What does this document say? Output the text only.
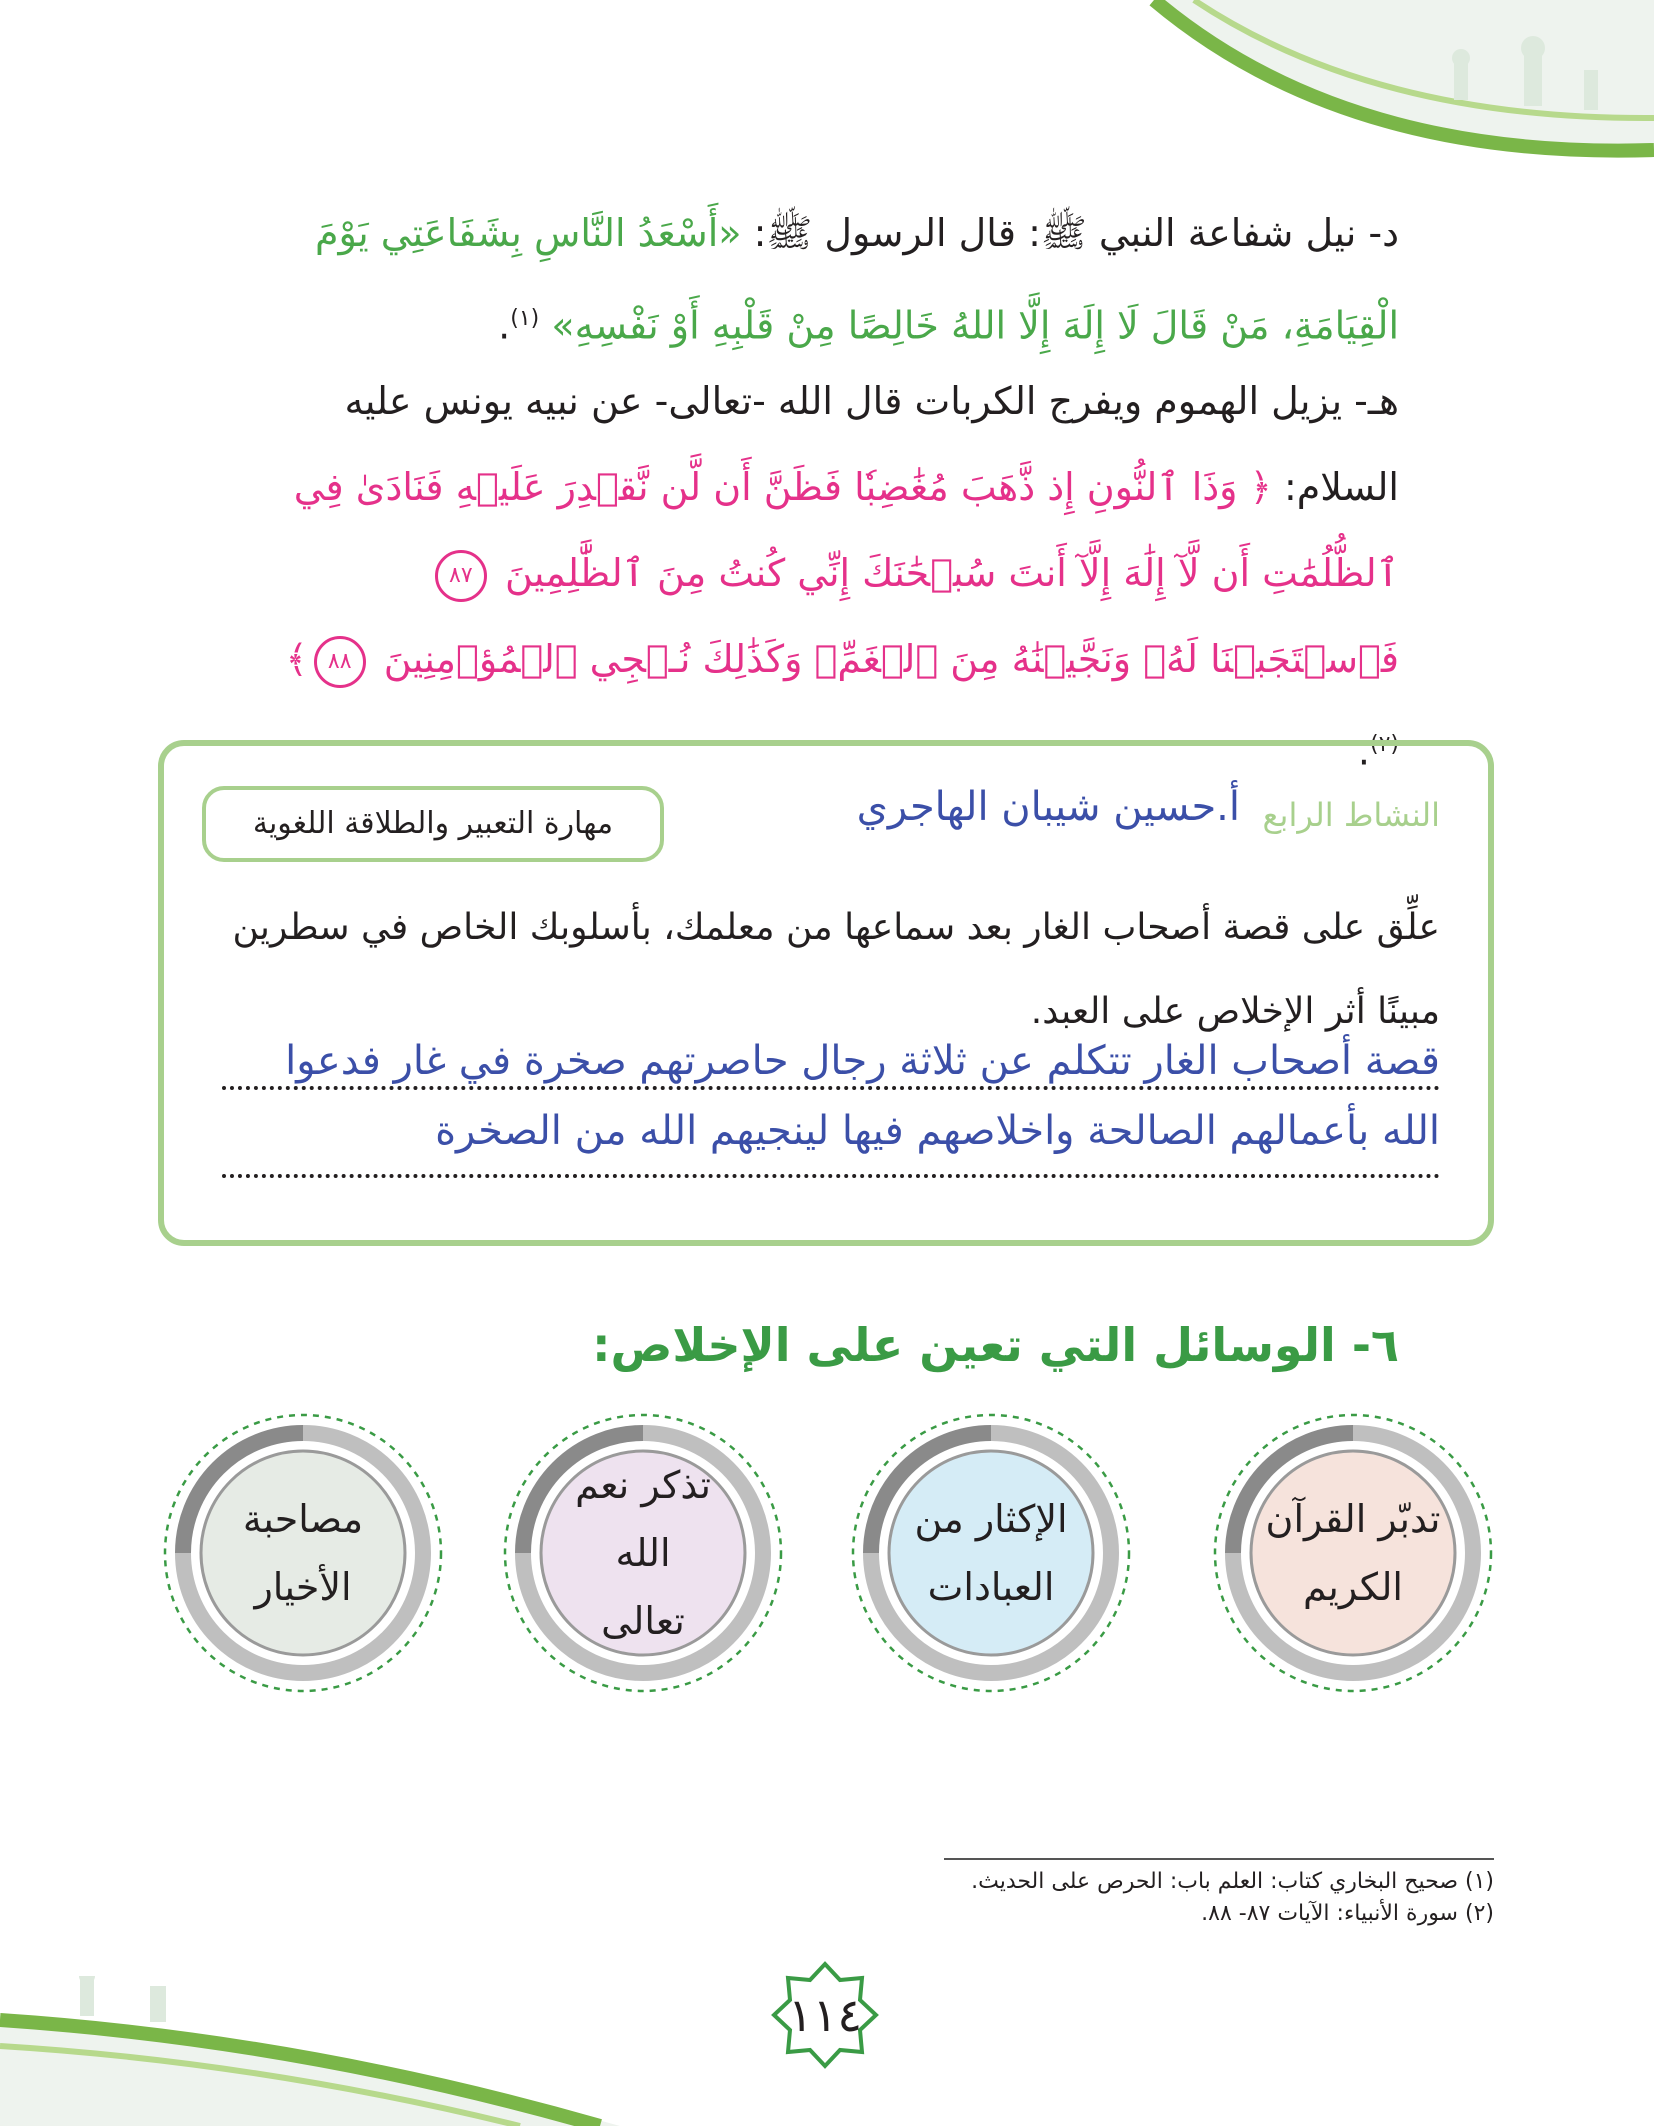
د- نيل شفاعة النبي ﷺ: قال الرسول ﷺ: «أَسْعَدُ النَّاسِ بِشَفَاعَتِي يَوْمَ الْقِيَامَةِ، مَنْ قَالَ لَا إِلَهَ إِلَّا اللهُ خَالِصًا مِنْ قَلْبِهِ أَوْ نَفْسِهِ» $^{(١)}$.
هـ- يزيل الهموم ويفرج الكربات قال الله -تعالى- عن نبيه يونس عليه السلام: ﴿ وَذَا ٱلنُّونِ إِذ ذَّهَبَ مُغَٰضِبٗا فَظَنَّ أَن لَّن نَّقۡدِرَ عَلَيۡهِ فَنَادَىٰ فِي ٱلظُّلُمَٰتِ أَن لَّآ إِلَٰهَ إِلَّآ أَنتَ سُبۡحَٰنَكَ إِنِّي كُنتُ مِنَ ٱلظَّٰلِمِينَ ٨٧ فَٱسۡتَجَبۡنَا لَهُۥ وَنَجَّيۡنَٰهُ مِنَ ٱلۡغَمِّۚ وَكَذَٰلِكَ نُـۨجِي ٱلۡمُؤۡمِنِينَ ٨٨﴾ $^{(٢)}$.
النشاط الرابع
أ.حسين شيبان الهاجري
مهارة التعبير والطلاقة اللغوية
علِّق على قصة أصحاب الغار بعد سماعها من معلمك، بأسلوبك الخاص في سطرين مبينًا أثر الإخلاص على العبد.
قصة أصحاب الغار تتكلم عن ثلاثة رجال حاصرتهم صخرة في غار فدعوا
الله بأعمالهم الصالحة واخلاصهم فيها لينجيهم الله من الصخرة
٦- الوسائل التي تعين على الإخلاص:
تدبّر القرآن
الكريم
الإكثار من
العبادات
تذكر نعم الله
تعالى
مصاحبة
الأخيار
(١) صحيح البخاري كتاب: العلم باب: الحرص على الحديث.
(٢) سورة الأنبياء: الآيات ٨٧- ٨٨.
١١٤
